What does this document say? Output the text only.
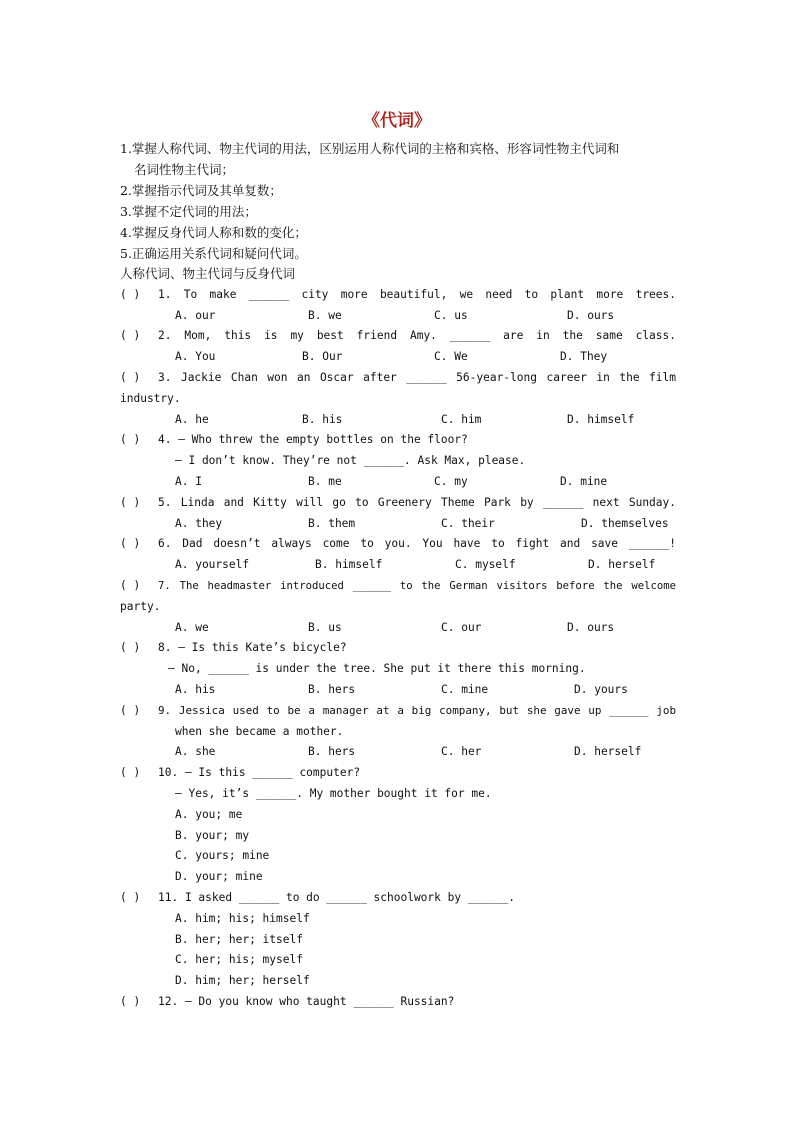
《代词》
1.掌握人称代词、物主代词的用法，区别运用人称代词的主格和宾格、形容词性物主代词和
名词性物主代词；
2.掌握指示代词及其单复数；
3.掌握不定代词的用法；
4.掌握反身代词人称和数的变化；
5.正确运用关系代词和疑问代词。
人称代词、物主代词与反身代词
( ) 1. To make ______ city more beautiful, we need to plant more trees.
A. our	B. we	C. us	D. ours
( ) 2. Mom, this is my best friend Amy. ______ are in the same class.
A. You	B. Our	C. We	D. They
( ) 3. Jackie Chan won an Oscar after ______ 56-year-long career in the film
industry.
A. he	B. his	C. him	D. himself
( ) 4. — Who threw the empty bottles on the floor?
— I don’t know. They’re not ______. Ask Max, please.
A. I	B. me	C. my	D. mine
( ) 5. Linda and Kitty will go to Greenery Theme Park by ______ next Sunday.
A. they	B. them	C. their	D. themselves
( ) 6. Dad doesn’t always come to you. You have to fight and save ______!
A. yourself	B. himself	C. myself	D. herself
( ) 7. The headmaster introduced ______ to the German visitors before the welcome
party.
A. we	B. us	C. our	D. ours
( ) 8. — Is this Kate’s bicycle?
— No, ______ is under the tree. She put it there this morning.
A. his	B. hers	C. mine	D. yours
( ) 9. Jessica used to be a manager at a big company, but she gave up ______ job
when she became a mother.
A. she	B. hers	C. her	D. herself
( ) 10. — Is this ______ computer?
— Yes, it’s ______. My mother bought it for me.
A. you; me
B. your; my
C. yours; mine
D. your; mine
( ) 11. I asked ______ to do ______ schoolwork by ______.
A. him; his; himself
B. her; her; itself
C. her; his; myself
D. him; her; herself
( ) 12. — Do you know who taught ______ Russian?
